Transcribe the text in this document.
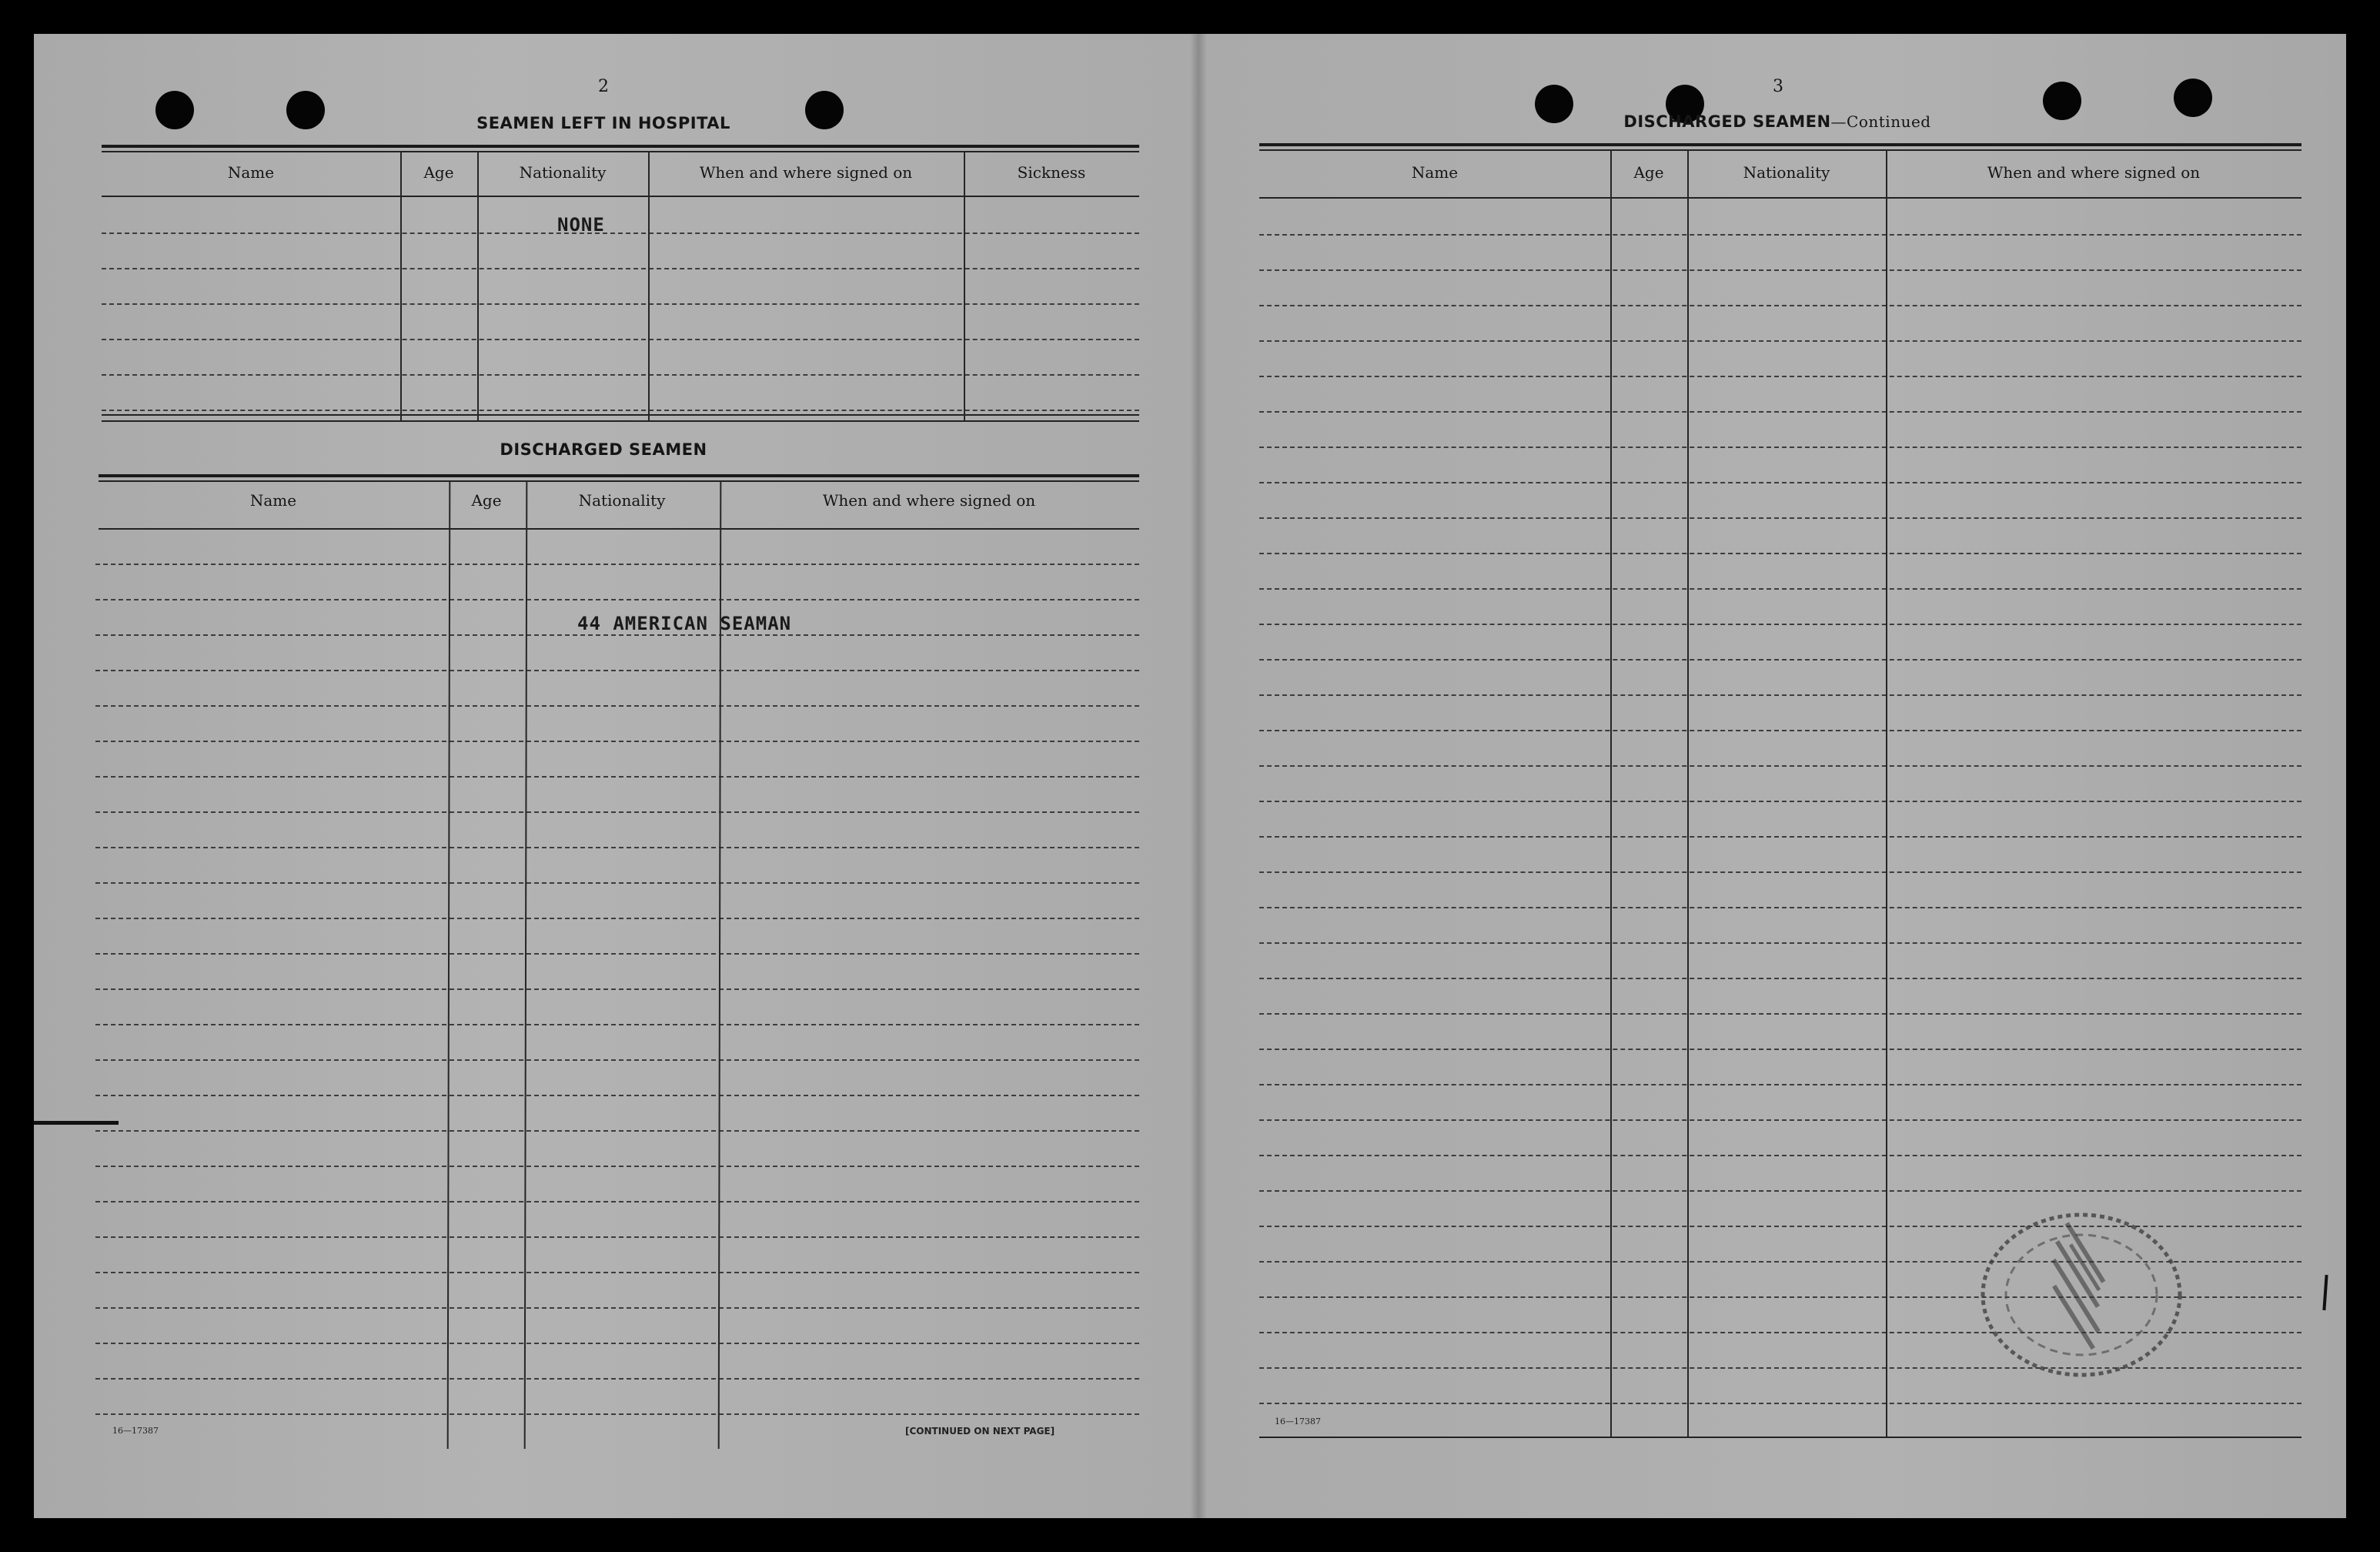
2
SEAMEN LEFT IN HOSPITAL
Name	Age	Nationality	When and where signed on	Sickness
NONE
DISCHARGED SEAMEN
Name	Age	Nationality	When and where signed on
44 AMERICAN SEAMAN
16—17387	[CONTINUED ON NEXT PAGE]
3
DISCHARGED SEAMEN—Continued
Name	Age	Nationality	When and where signed on
16—17387
